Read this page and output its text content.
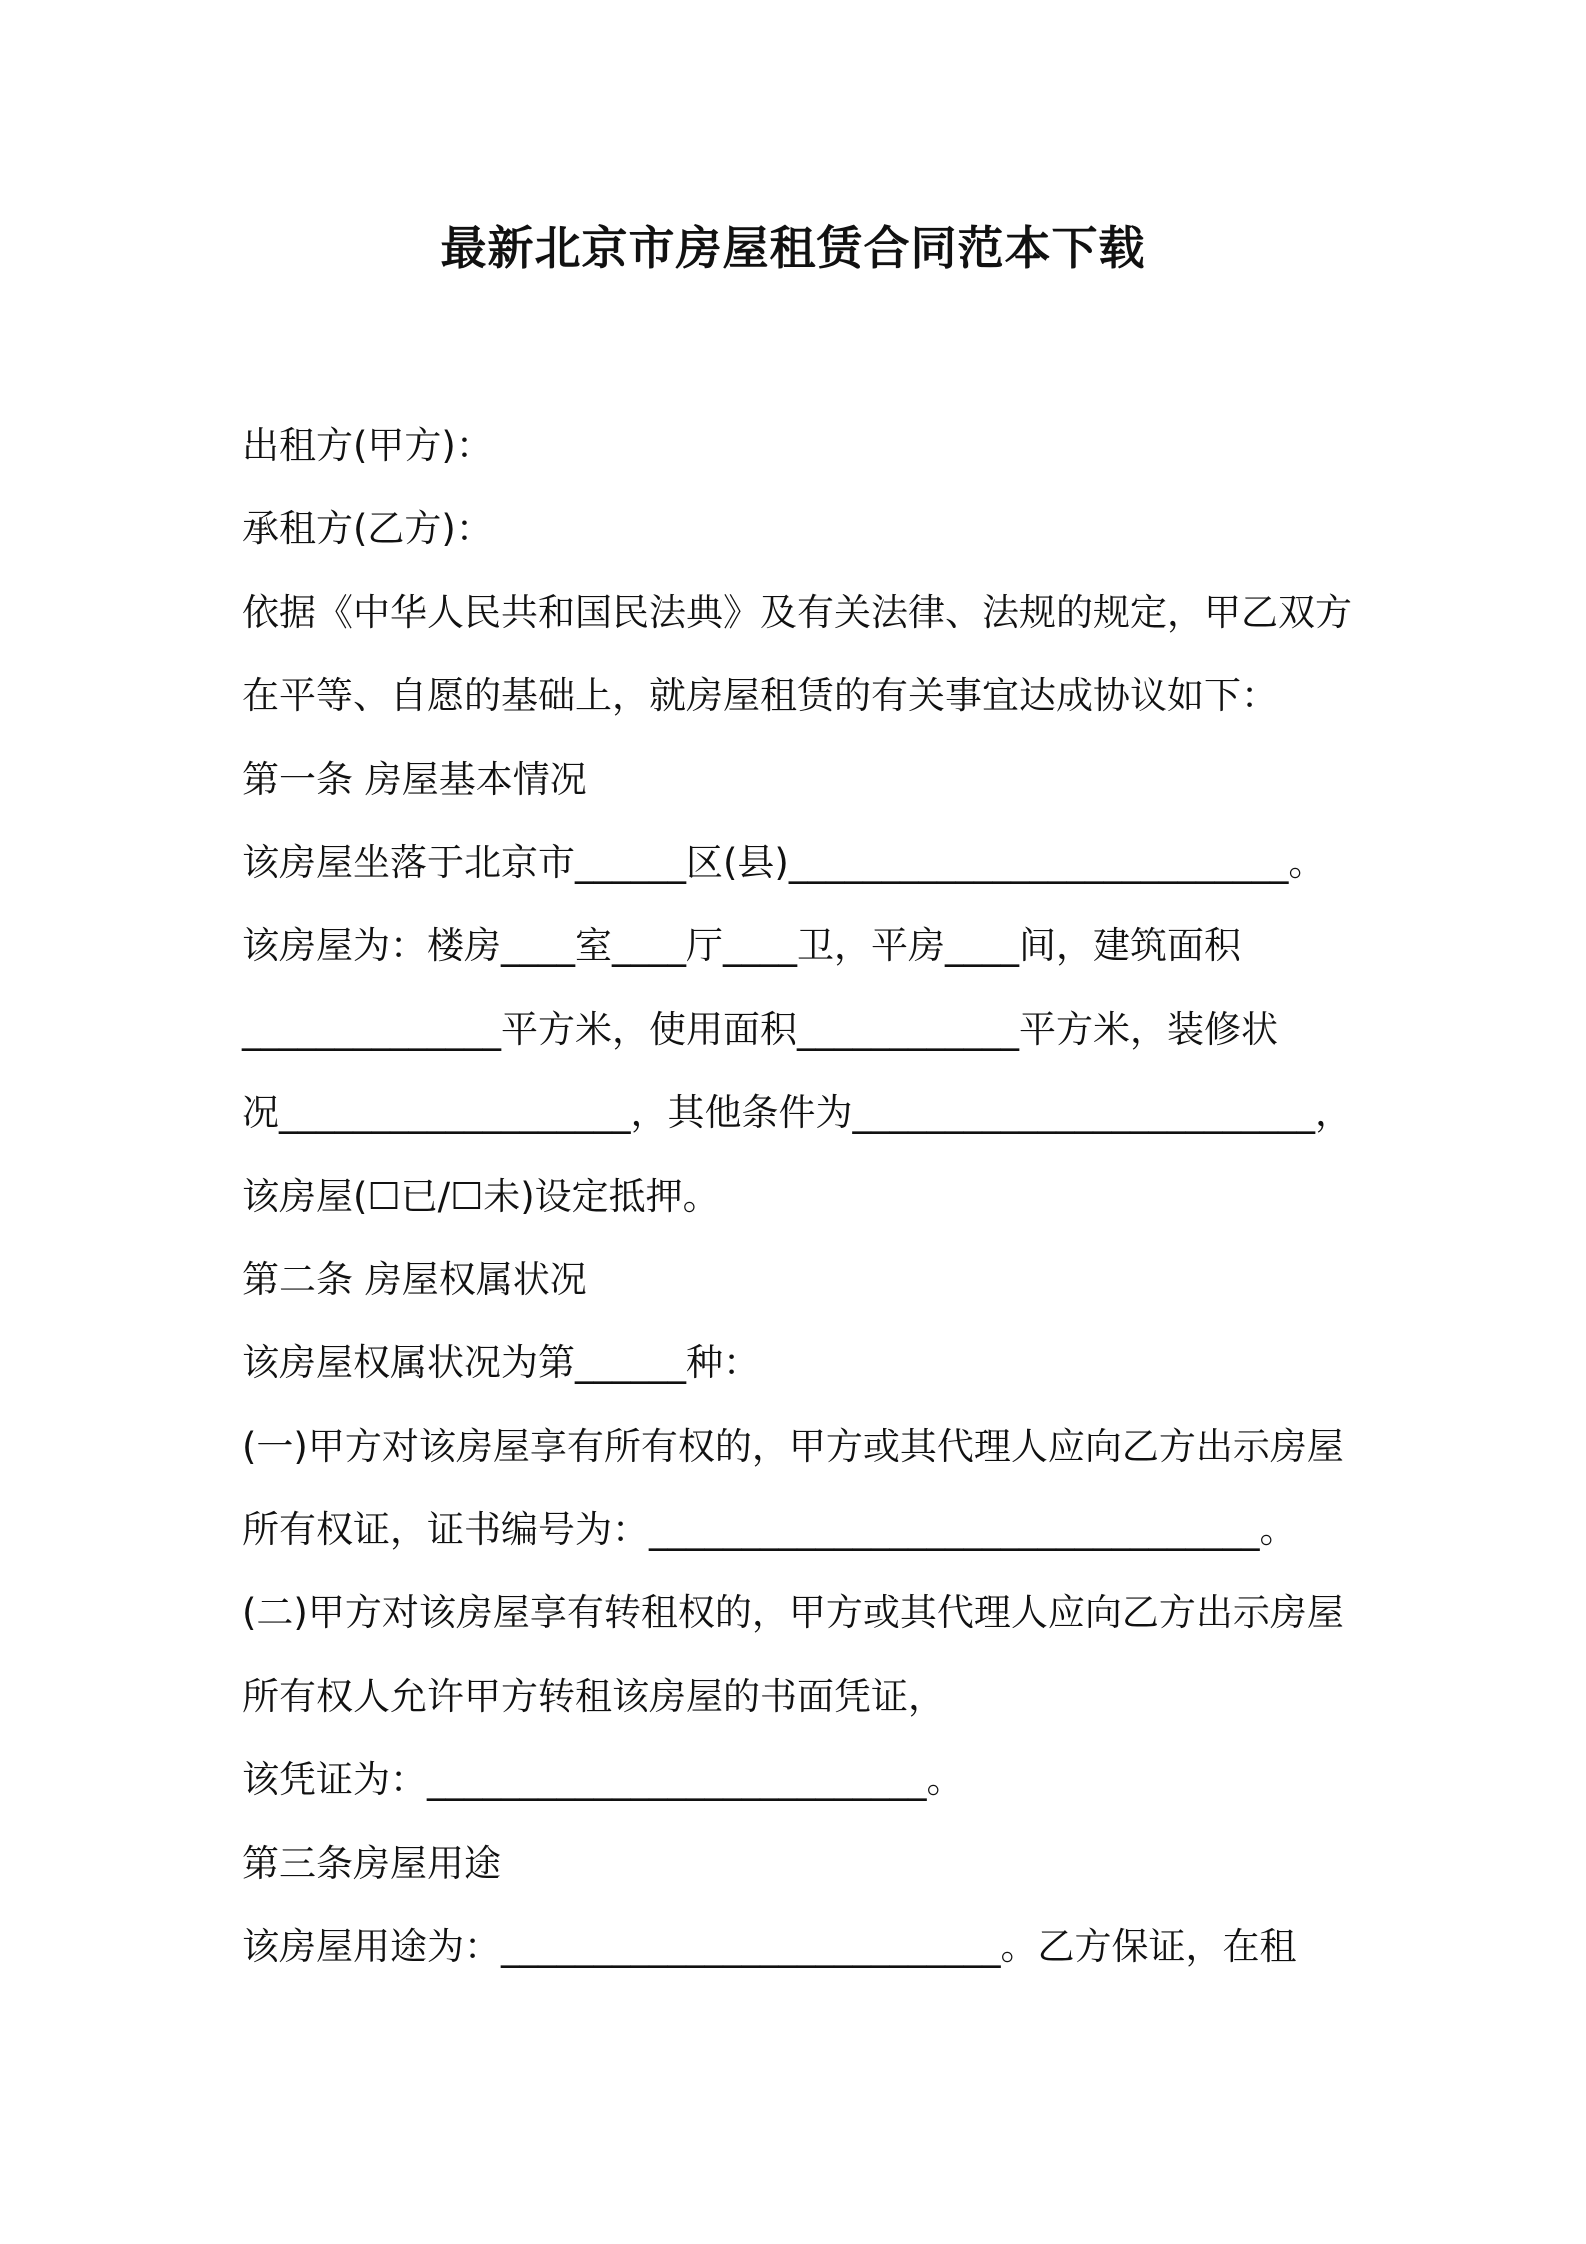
最新北京市房屋租赁合同范本下载
出租方(甲方)：
承租方(乙方)：
依据《中华人民共和国民法典》及有关法律、法规的规定，甲乙双方
在平等、自愿的基础上，就房屋租赁的有关事宜达成协议如下：
第一条 房屋基本情况
该房屋坐落于北京市______区(县)___________________________。
该房屋为：楼房____室____厅____卫，平房____间，建筑面积
______________平方米，使用面积____________平方米，装修状
况___________________，其他条件为_________________________，
该房屋(☐已/☐未)设定抵押。
第二条 房屋权属状况
该房屋权属状况为第______种：
(一)甲方对该房屋享有所有权的，甲方或其代理人应向乙方出示房屋
所有权证，证书编号为：_________________________________。
(二)甲方对该房屋享有转租权的，甲方或其代理人应向乙方出示房屋
所有权人允许甲方转租该房屋的书面凭证，
该凭证为：___________________________。
第三条房屋用途
该房屋用途为：___________________________。乙方保证，在租
